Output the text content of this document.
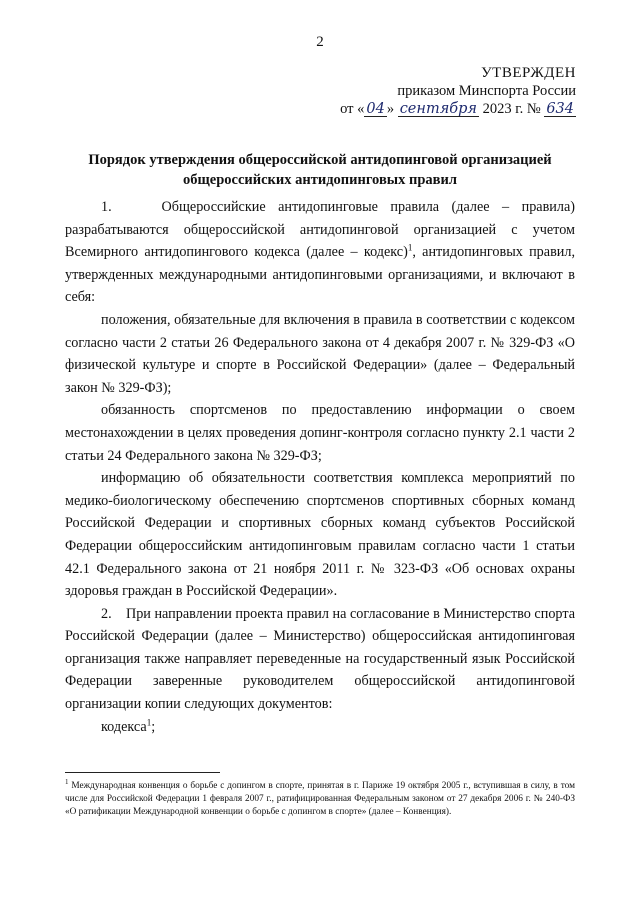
2
УТВЕРЖДЕН
приказом Минспорта России
от « 04 » сентября 2023 г. № 634
Порядок утверждения общероссийской антидопинговой организацией
общероссийских антидопинговых правил

1.    Общероссийские антидопинговые правила (далее – правила) разрабатываются общероссийской антидопинговой организацией с учетом Всемирного антидопингового кодекса (далее – кодекс)$^1$, антидопинговых правил, утвержденных международными антидопинговыми организациями, и включают в себя:

положения, обязательные для включения в правила в соответствии с кодексом согласно части 2 статьи 26 Федерального закона от 4 декабря 2007 г. № 329-ФЗ «О физической культуре и спорте в Российской Федерации» (далее – Федеральный закон № 329-ФЗ);

обязанность спортсменов по предоставлению информации о своем местонахождении в целях проведения допинг-контроля согласно пункту 2.1 части 2 статьи 24 Федерального закона № 329-ФЗ;

информацию об обязательности соответствия комплекса мероприятий по медико-биологическому обеспечению спортсменов спортивных сборных команд Российской Федерации и спортивных сборных команд субъектов Российской Федерации общероссийским антидопинговым правилам согласно части 1 статьи 42.1 Федерального закона от 21 ноября 2011 г. № 323-ФЗ «Об основах охраны здоровья граждан в Российской Федерации».

2.    При направлении проекта правил на согласование в Министерство спорта Российской Федерации (далее – Министерство) общероссийская антидопинговая организация также направляет переведенные на государственный язык Российской Федерации заверенные руководителем общероссийской антидопинговой организации копии следующих документов:

кодекса$^1$;

$^1$ Международная конвенция о борьбе с допингом в спорте, принятая в г. Париже 19 октября 2005 г., вступившая в силу, в том числе для Российской Федерации 1 февраля 2007 г., ратифицированная Федеральным законом от 27 декабря 2006 г. № 240-ФЗ «О ратификации Международной конвенции о борьбе с допингом в спорте» (далее – Конвенция).
